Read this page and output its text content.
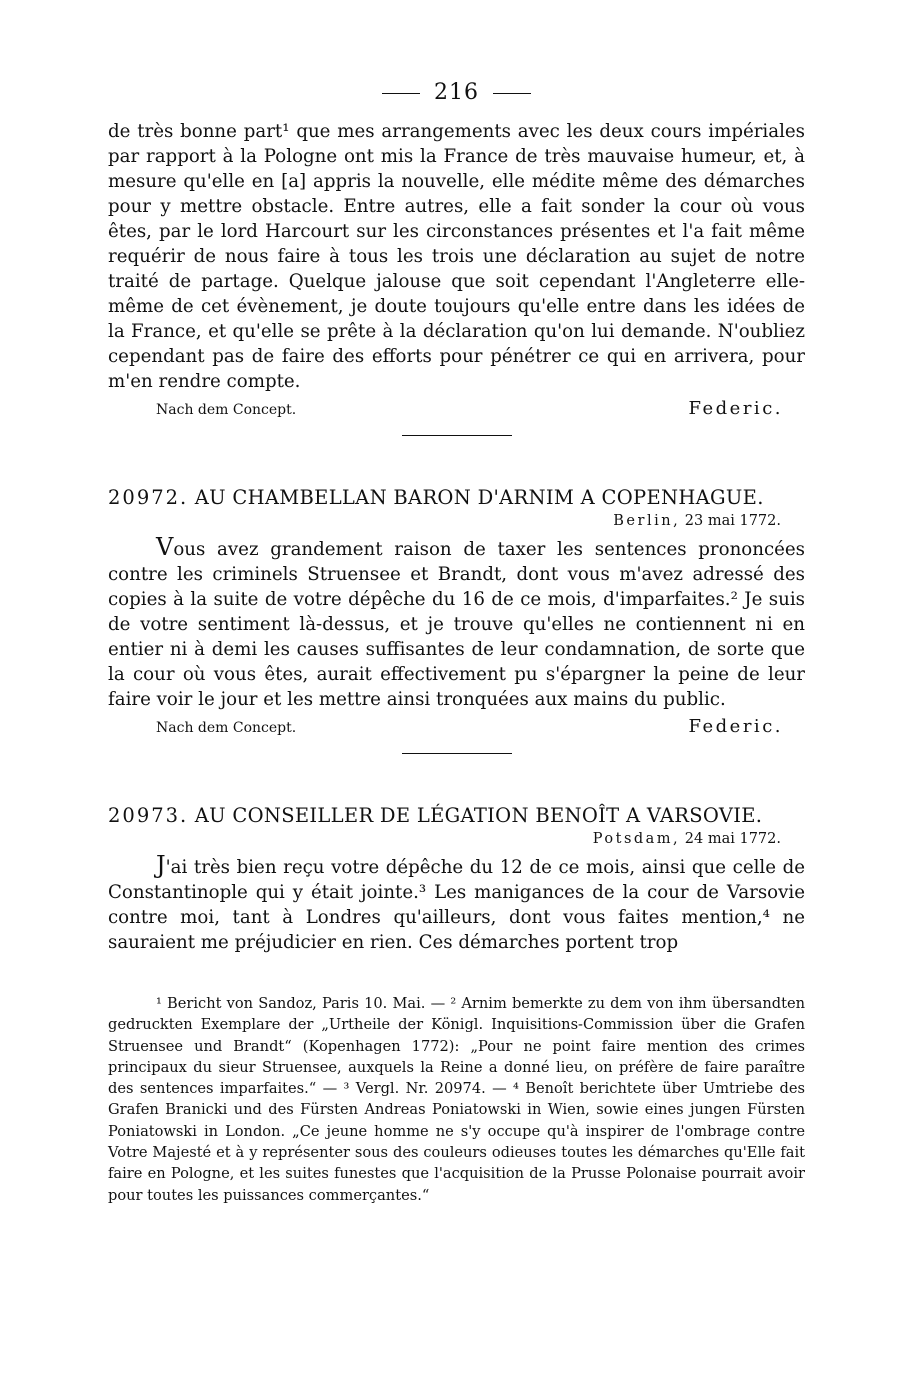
216

de très bonne part¹ que mes arrangements avec les deux cours impériales par rapport à la Pologne ont mis la France de très mauvaise humeur, et, à mesure qu'elle en [a] appris la nouvelle, elle médite même des démarches pour y mettre obstacle. Entre autres, elle a fait sonder la cour où vous êtes, par le lord Harcourt sur les circonstances présentes et l'a fait même requérir de nous faire à tous les trois une déclaration au sujet de notre traité de partage. Quelque jalouse que soit cependant l'Angleterre elle-même de cet évènement, je doute toujours qu'elle entre dans les idées de la France, et qu'elle se prête à la déclaration qu'on lui demande. N'oubliez cependant pas de faire des efforts pour pénétrer ce qui en arrivera, pour m'en rendre compte.

Nach dem Concept.	Federic.
20972. AU CHAMBELLAN BARON D'ARNIM A COPENHAGUE.
Berlin, 23 mai 1772.

Vous avez grandement raison de taxer les sentences prononcées contre les criminels Struensee et Brandt, dont vous m'avez adressé des copies à la suite de votre dépêche du 16 de ce mois, d'imparfaites.² Je suis de votre sentiment là-dessus, et je trouve qu'elles ne contiennent ni en entier ni à demi les causes suffisantes de leur condamnation, de sorte que la cour où vous êtes, aurait effectivement pu s'épargner la peine de leur faire voir le jour et les mettre ainsi tronquées aux mains du public.

Nach dem Concept.	Federic.
20973. AU CONSEILLER DE LÉGATION BENOÎT A VARSOVIE.
Potsdam, 24 mai 1772.

J'ai très bien reçu votre dépêche du 12 de ce mois, ainsi que celle de Constantinople qui y était jointe.³ Les manigances de la cour de Varsovie contre moi, tant à Londres qu'ailleurs, dont vous faites mention,⁴ ne sauraient me préjudicier en rien. Ces démarches portent trop

¹ Bericht von Sandoz, Paris 10. Mai. — ² Arnim bemerkte zu dem von ihm übersandten gedruckten Exemplare der „Urtheile der Königl. Inquisitions-Commission über die Grafen Struensee und Brandt“ (Kopenhagen 1772): „Pour ne point faire mention des crimes principaux du sieur Struensee, auxquels la Reine a donné lieu, on préfère de faire paraître des sentences imparfaites.“ — ³ Vergl. Nr. 20974. — ⁴ Benoît berichtete über Umtriebe des Grafen Branicki und des Fürsten Andreas Poniatowski in Wien, sowie eines jungen Fürsten Poniatowski in London. „Ce jeune homme ne s'y occupe qu'à inspirer de l'ombrage contre Votre Majesté et à y représenter sous des couleurs odieuses toutes les démarches qu'Elle fait faire en Pologne, et les suites funestes que l'acquisition de la Prusse Polonaise pourrait avoir pour toutes les puissances commerçantes.“
